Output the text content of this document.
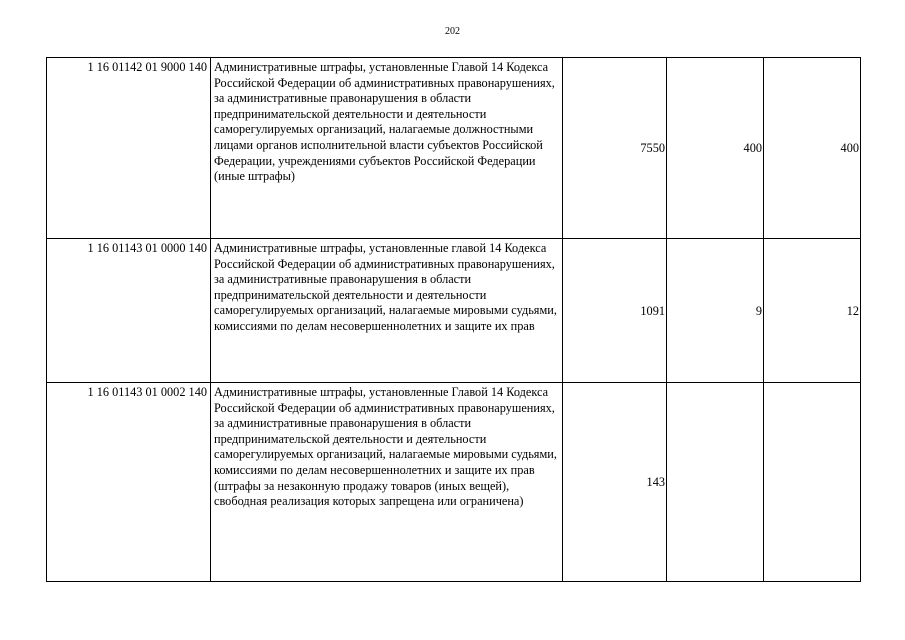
202
1 16 01142 01 9000 140	Административные штрафы, установленные Главой 14 Кодекса Российской Федерации об административных правонарушениях, за административные правонарушения в области предпринимательской деятельности и деятельности саморегулируемых организаций, налагаемые должностными лицами органов исполнительной власти субъектов Российской Федерации, учреждениями субъектов Российской Федерации (иные штрафы)	7550	400	400
1 16 01143 01 0000 140	Административные штрафы, установленные главой 14 Кодекса Российской Федерации об административных правонарушениях, за административные правонарушения в области предпринимательской деятельности и деятельности саморегулируемых организаций, налагаемые мировыми судьями, комиссиями по делам несовершеннолетних и защите их прав	1091	9	12
1 16 01143 01 0002 140	Административные штрафы, установленные Главой 14 Кодекса Российской Федерации об административных правонарушениях, за административные правонарушения в области предпринимательской деятельности и деятельности саморегулируемых организаций, налагаемые мировыми судьями, комиссиями по делам несовершеннолетних и защите их прав (штрафы за незаконную продажу товаров (иных вещей), свободная реализация которых запрещена или ограничена)	143		
